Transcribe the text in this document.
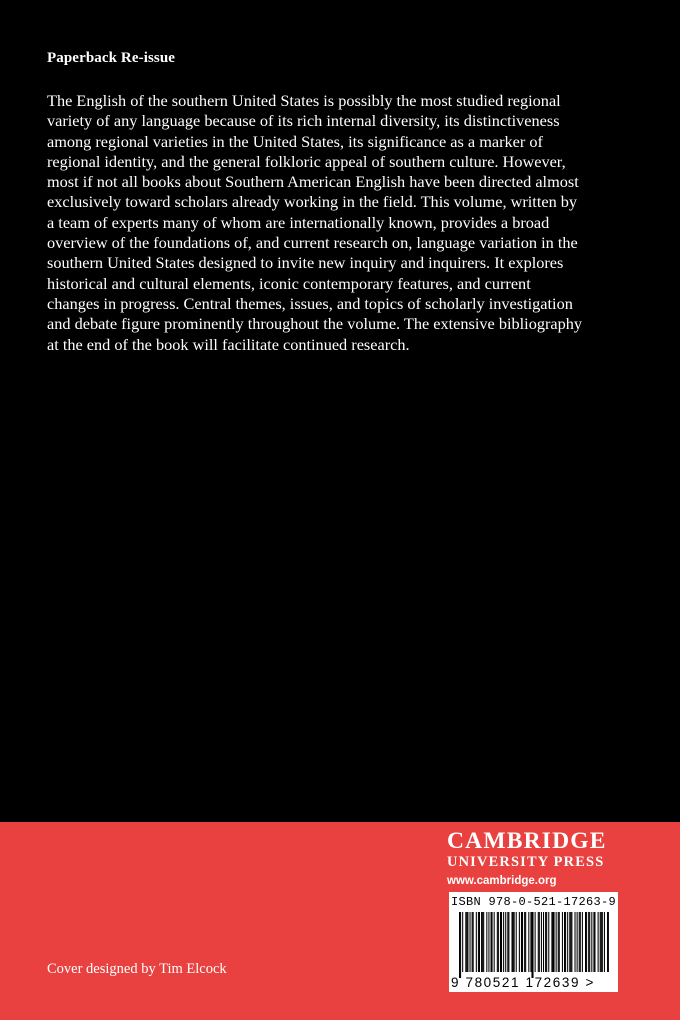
Paperback Re-issue
The English of the southern United States is possibly the most studied regional
variety of any language because of its rich internal diversity, its distinctiveness
among regional varieties in the United States, its significance as a marker of
regional identity, and the general folkloric appeal of southern culture. However,
most if not all books about Southern American English have been directed almost
exclusively toward scholars already working in the field. This volume, written by
a team of experts many of whom are internationally known, provides a broad
overview of the foundations of, and current research on, language variation in the
southern United States designed to invite new inquiry and inquirers. It explores
historical and cultural elements, iconic contemporary features, and current
changes in progress. Central themes, issues, and topics of scholarly investigation
and debate figure prominently throughout the volume. The extensive bibliography
at the end of the book will facilitate continued research.
CAMBRIDGE
UNIVERSITY PRESS
www.cambridge.org
ISBN 978-0-521-17263-9
9 780521 172639 >
Cover designed by Tim Elcock
